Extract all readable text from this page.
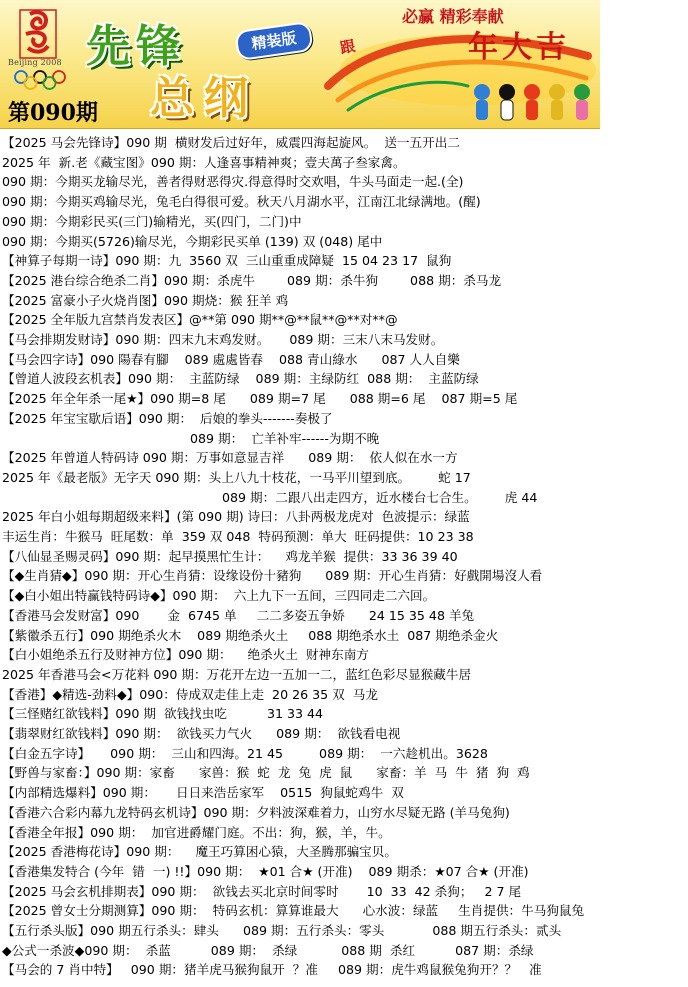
Beijing 2008 先锋	精装版
总纲
第090期
必赢 精彩奉献
跟	年大吉
【2025 马会先锋诗】090 期  横财发后过好年，威震四海起旋风。  送一五开出二
2025 年  新.老《藏宝图》090 期：人逢喜事精神爽；壹夫萬子叁家禽。
090 期：今期买龙输尽光，善者得财恶得灾.得意得时交欢唱，牛头马面走一起.(全)
090 期：今期买鸡输尽光，兔毛白得很可爱。秋天八月湖水平，江南江北绿满地。(醒)
090 期：今期彩民买(三门)输精光，买(四门，二门)中
090 期：今期买(5726)输尽光，今期彩民买单 (139) 双 (048) 尾中
【神算子每期一诗】090 期：九  3560 双  三山重重成障疑  15 04 23 17  鼠狗
【2025 港台综合绝杀二肖】090 期：杀虎牛        089 期：杀牛狗        088 期：杀马龙
【2025 富豪小子火烧肖图】090 期烧：猴 狂羊 鸡
【2025 全年版九宫禁肖发表区】@**第 090 期**@**鼠**@**对**@
【马会排期发财诗】090 期：四末九末鸡发财。     089 期：三末八末马发财。
【马会四字诗】090 陽春有腳    089 處處皆春    088 青山綠水      087 人人自樂
【曾道人波段玄机表】090 期：  主蓝防绿    089 期：主绿防红  088 期：  主蓝防绿
【2025 年全年杀一尾★】090 期=8 尾      089 期=7 尾      088 期=6 尾    087 期=5 尾
【2025 年宝宝歇后语】090 期：  后娘的拳头-------奏极了
089 期：  亡羊补牢------为期不晚
【2025 年曾道人特码诗 090 期：万事如意显吉祥      089 期：  依人似在水一方
2025 年《最老版》无字天 090 期：头上八九十枝花，一马平川望到底。       蛇 17
089 期：二跟八出走四方，近水楼台七合生。       虎 44
2025 年白小姐每期超级来料】(第 090 期) 诗曰：八卦两极龙虎对  色波提示：绿蓝
丰运生肖：牛猴马  旺尾数：单  359 双 048  特码预测：单大  旺码提供：10 23 38
【八仙显圣赐灵码】090 期：起早摸黑忙生计：    鸡龙羊猴  提供：33 36 39 40
【◆生肖猜◆】090 期：开心生肖猜：设缘设份十豬狗      089 期：开心生肖猜：好戲開場沒人看
【◆白小姐出特赢钱特码诗◆】090 期：  六上九下一五间，三四同走二六回。
【香港马会发财富】090       金  6745 单     二二多姿五争娇      24 15 35 48 羊兔
【紫徽杀五行】090 期绝杀火木    089 期绝杀火土     088 期绝杀水土  087 期绝杀金火
【白小姐绝杀五行及财神方位】090 期：    绝杀火土  财神东南方
2025 年香港马会<万花料 090 期：万花开左边一五加一二，蓝红色彩尽显猴藏牛居
【香港】◆精选-劲料◆】090：侍成双走佳上走  20 26 35 双  马龙
【三怪赌红欲钱料】090 期  欲钱找虫吃          31 33 44
【翡翠财红欲钱料】090 期：  欲钱买力气火      089 期：  欲钱看电视
【白金五字诗】     090 期：  三山和四海。21 45         089 期：  一六趁机出。3628
【野兽与家畜：】090 期：家畜      家兽：猴  蛇  龙  兔  虎  鼠      家畜：羊  马  牛  猪  狗  鸡
【内部精选爆料】090 期：     日日来浩岳家军    0515  狗鼠蛇鸡牛  双
【香港六合彩内幕九龙特码玄机诗】090 期：夕料波深难着力，山穷水尽疑无路 (羊马兔狗)
【香港全年报】090 期：  加官进爵耀门庭。不出：狗，猴，羊，牛。
【2025 香港梅花诗】090 期：    魔王巧算困心猿，大圣腾那骗宝贝。
【香港集发特合 (今年  错  一) !!】090 期：  ★01 合★ (开准)    089 期杀：★07 合★ (开准)
【2025 马会玄机排期表】090 期：  欲钱去买北京时间零时       10  33  42 杀狗；   2 7 尾
【2025 曾女士分期测算】090 期：  特码玄机：算算谁最大      心水波：绿蓝     生肖提供：牛马狗鼠兔
【五行杀头版】090 期五行杀头：肆头      089 期：五行杀头：零头            088 期五行杀头：贰头
◆公式一杀波◆090 期：  杀蓝          089 期：  杀绿           088 期  杀红          087 期：杀绿
【马会的 7 肖中特】   090 期：猪羊虎马猴狗鼠开  ？准     089 期：虎牛鸡鼠猴兔狗开？？   准
